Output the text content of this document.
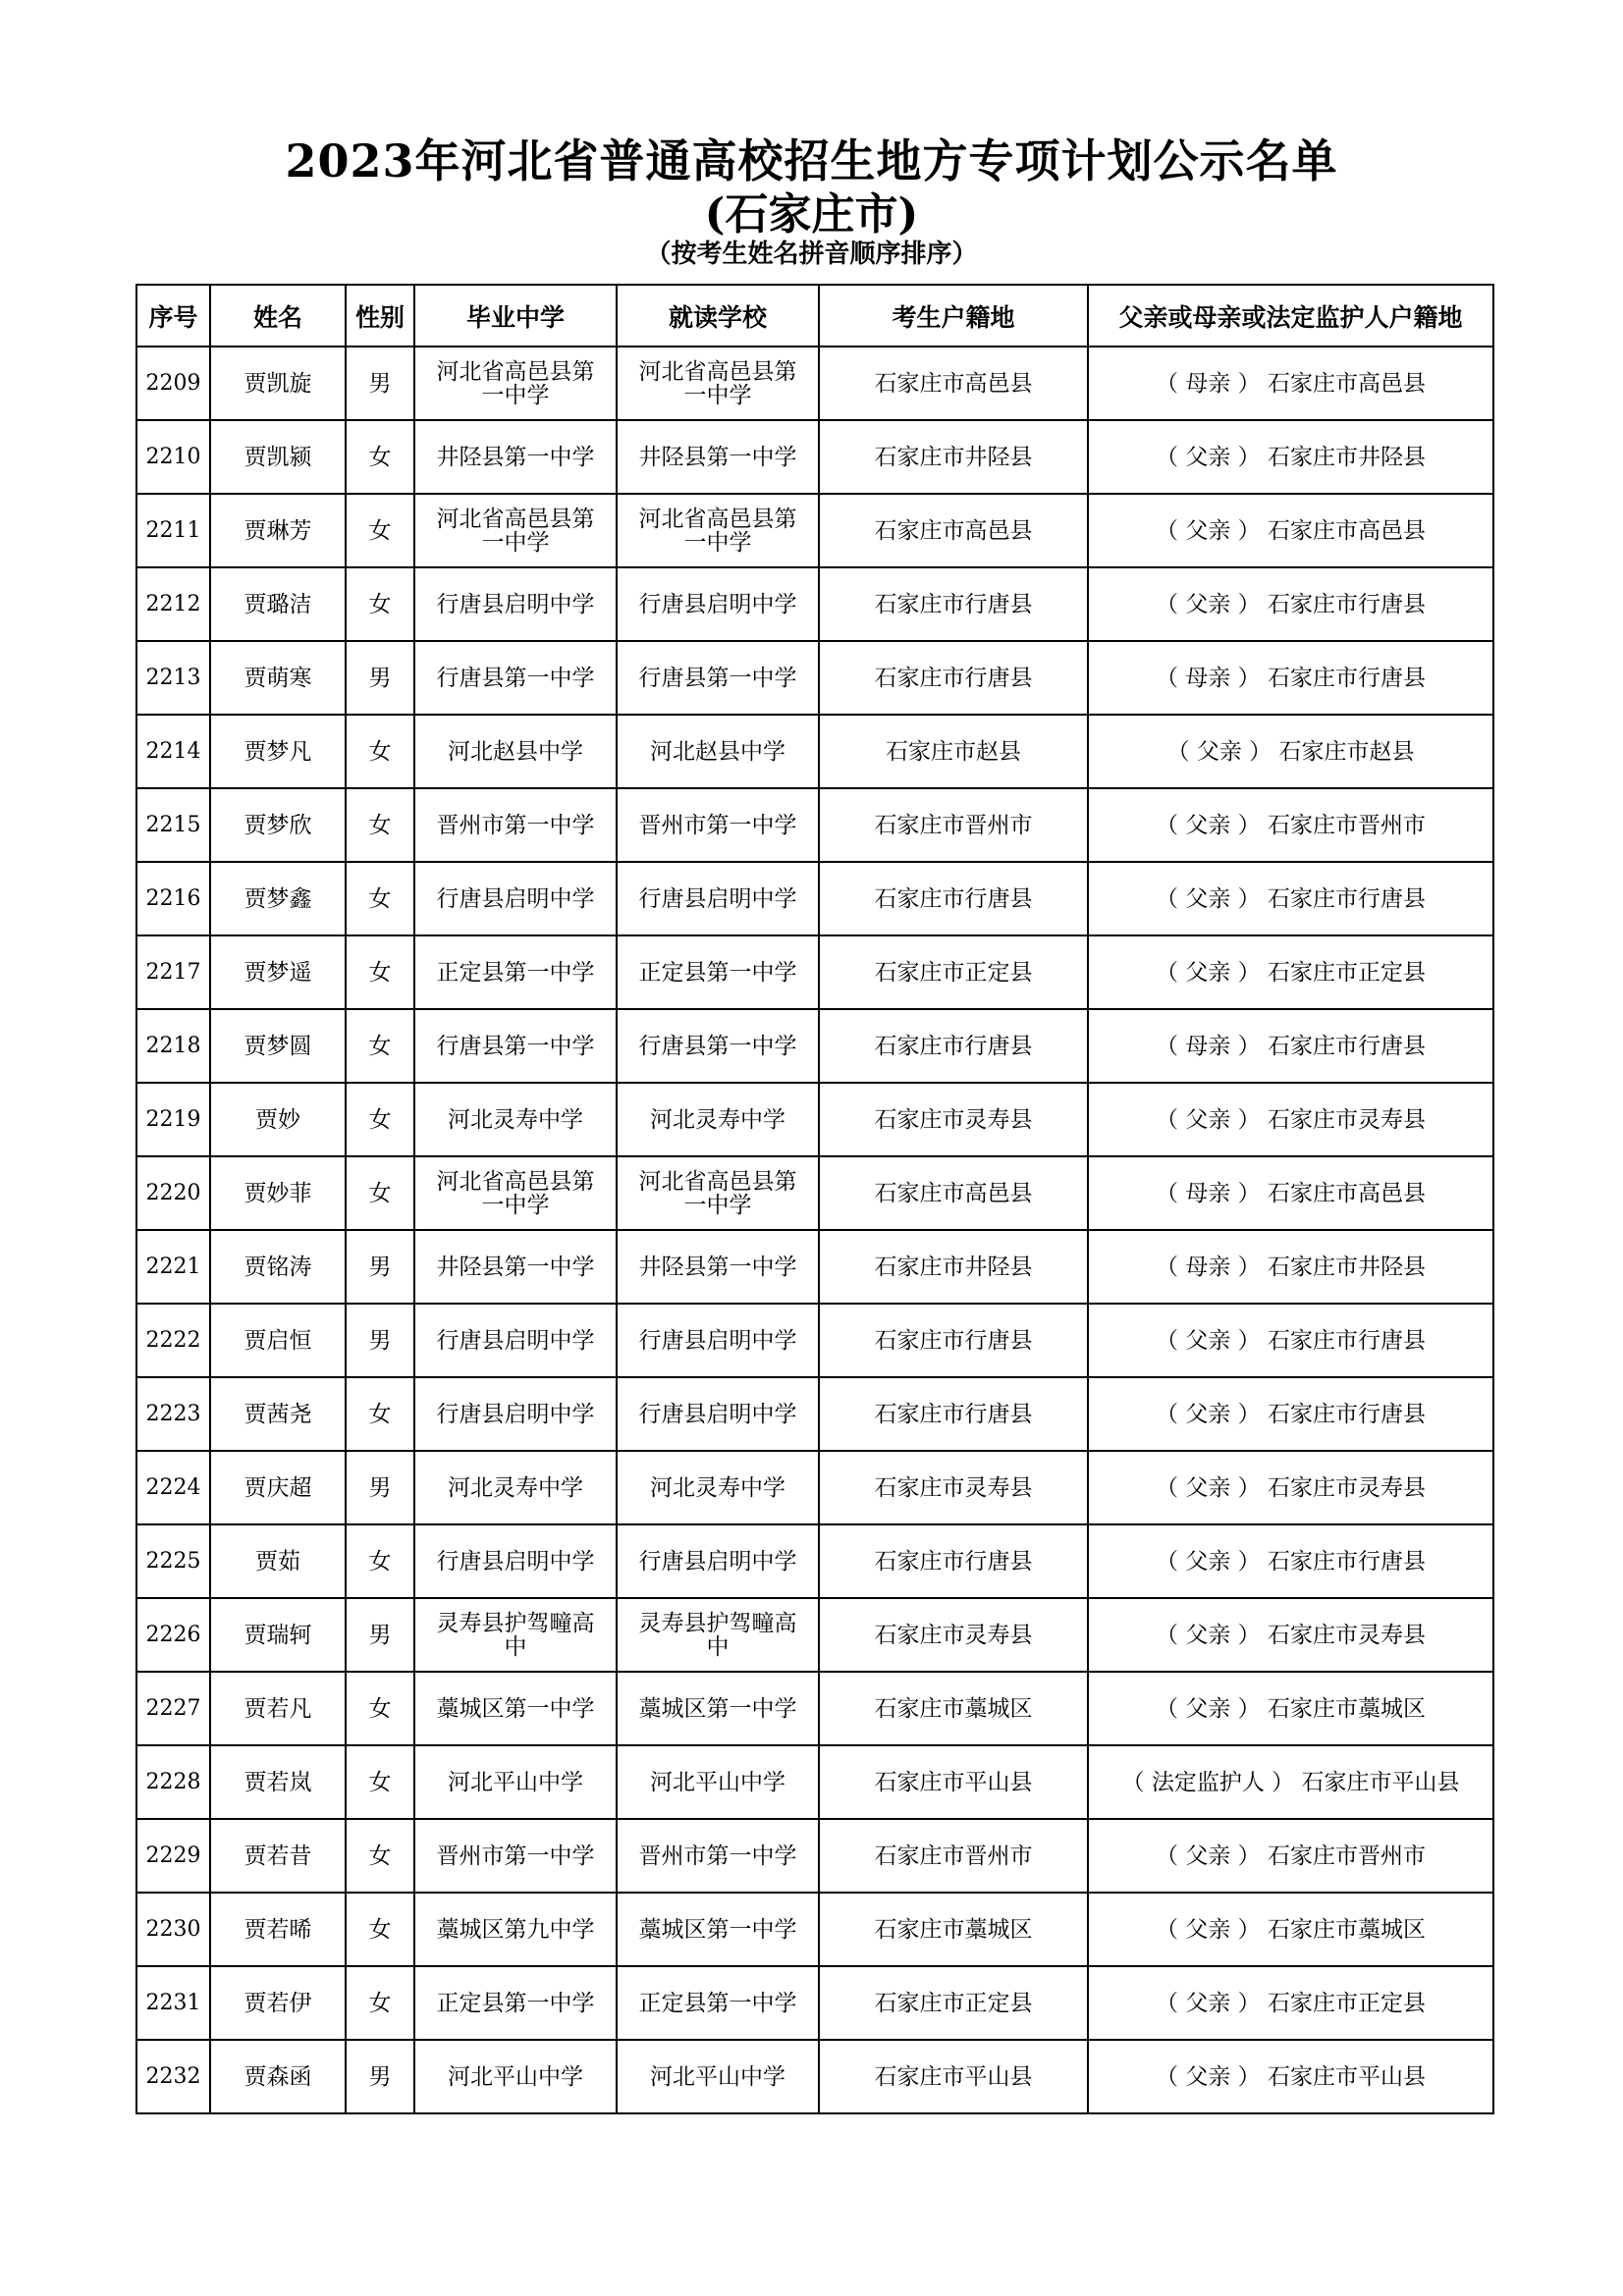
2023年河北省普通高校招生地方专项计划公示名单
(石家庄市)
（按考生姓名拼音顺序排序）
序号	姓名	性别	毕业中学	就读学校	考生户籍地	父亲或母亲或法定监护人户籍地
2209	贾凯旋	男	河北省高邑县第一中学	河北省高邑县第一中学	石家庄市高邑县	（ 母亲 ） 石家庄市高邑县
2210	贾凯颍	女	井陉县第一中学	井陉县第一中学	石家庄市井陉县	（ 父亲 ） 石家庄市井陉县
2211	贾琳芳	女	河北省高邑县第一中学	河北省高邑县第一中学	石家庄市高邑县	（ 父亲 ） 石家庄市高邑县
2212	贾璐洁	女	行唐县启明中学	行唐县启明中学	石家庄市行唐县	（ 父亲 ） 石家庄市行唐县
2213	贾萌寒	男	行唐县第一中学	行唐县第一中学	石家庄市行唐县	（ 母亲 ） 石家庄市行唐县
2214	贾梦凡	女	河北赵县中学	河北赵县中学	石家庄市赵县	（ 父亲 ） 石家庄市赵县
2215	贾梦欣	女	晋州市第一中学	晋州市第一中学	石家庄市晋州市	（ 父亲 ） 石家庄市晋州市
2216	贾梦鑫	女	行唐县启明中学	行唐县启明中学	石家庄市行唐县	（ 父亲 ） 石家庄市行唐县
2217	贾梦遥	女	正定县第一中学	正定县第一中学	石家庄市正定县	（ 父亲 ） 石家庄市正定县
2218	贾梦圆	女	行唐县第一中学	行唐县第一中学	石家庄市行唐县	（ 母亲 ） 石家庄市行唐县
2219	贾妙	女	河北灵寿中学	河北灵寿中学	石家庄市灵寿县	（ 父亲 ） 石家庄市灵寿县
2220	贾妙菲	女	河北省高邑县第一中学	河北省高邑县第一中学	石家庄市高邑县	（ 母亲 ） 石家庄市高邑县
2221	贾铭涛	男	井陉县第一中学	井陉县第一中学	石家庄市井陉县	（ 母亲 ） 石家庄市井陉县
2222	贾启恒	男	行唐县启明中学	行唐县启明中学	石家庄市行唐县	（ 父亲 ） 石家庄市行唐县
2223	贾茜尧	女	行唐县启明中学	行唐县启明中学	石家庄市行唐县	（ 父亲 ） 石家庄市行唐县
2224	贾庆超	男	河北灵寿中学	河北灵寿中学	石家庄市灵寿县	（ 父亲 ） 石家庄市灵寿县
2225	贾茹	女	行唐县启明中学	行唐县启明中学	石家庄市行唐县	（ 父亲 ） 石家庄市行唐县
2226	贾瑞轲	男	灵寿县护驾疃高中	灵寿县护驾疃高中	石家庄市灵寿县	（ 父亲 ） 石家庄市灵寿县
2227	贾若凡	女	藁城区第一中学	藁城区第一中学	石家庄市藁城区	（ 父亲 ） 石家庄市藁城区
2228	贾若岚	女	河北平山中学	河北平山中学	石家庄市平山县	（ 法定监护人 ） 石家庄市平山县
2229	贾若昔	女	晋州市第一中学	晋州市第一中学	石家庄市晋州市	（ 父亲 ） 石家庄市晋州市
2230	贾若晞	女	藁城区第九中学	藁城区第一中学	石家庄市藁城区	（ 父亲 ） 石家庄市藁城区
2231	贾若伊	女	正定县第一中学	正定县第一中学	石家庄市正定县	（ 父亲 ） 石家庄市正定县
2232	贾森函	男	河北平山中学	河北平山中学	石家庄市平山县	（ 父亲 ） 石家庄市平山县
